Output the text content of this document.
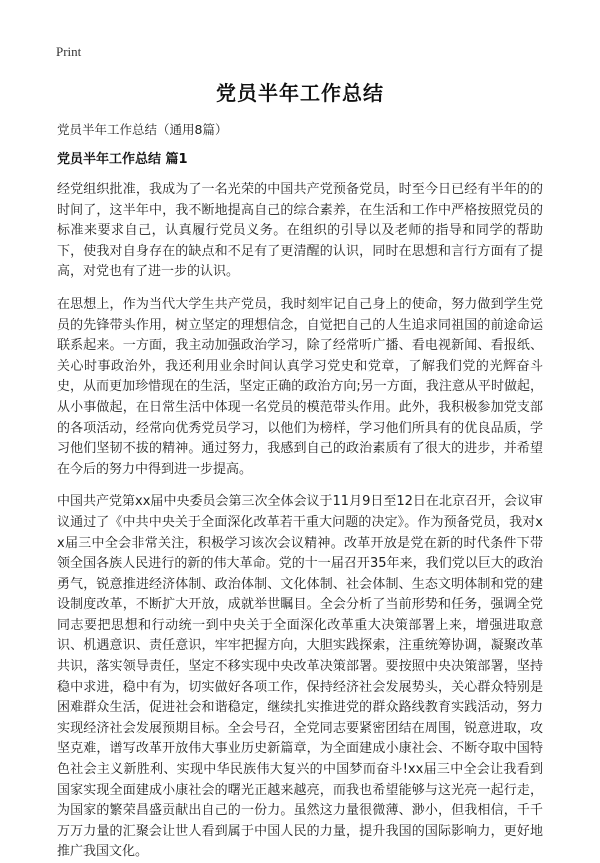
Print
党员半年工作总结
党员半年工作总结（通用8篇）
党员半年工作总结 篇1

经党组织批准，我成为了一名光荣的中国共产党预备党员，时至今日已经有半年的的时间了，这半年中，我不断地提高自己的综合素养，在生活和工作中严格按照党员的标准来要求自己，认真履行党员义务。在组织的引导以及老师的指导和同学的帮助下，使我对自身存在的缺点和不足有了更清醒的认识，同时在思想和言行方面有了提高，对党也有了进一步的认识。

在思想上，作为当代大学生共产党员，我时刻牢记自己身上的使命，努力做到学生党员的先锋带头作用，树立坚定的理想信念，自觉把自己的人生追求同祖国的前途命运联系起来。一方面，我主动加强政治学习，除了经常听广播、看电视新闻、看报纸、关心时事政治外，我还利用业余时间认真学习党史和党章，了解我们党的光辉奋斗史，从而更加珍惜现在的生活，坚定正确的政治方向;另一方面，我注意从平时做起，从小事做起，在日常生活中体现一名党员的模范带头作用。此外，我积极参加党支部的各项活动，经常向优秀党员学习，以他们为榜样，学习他们所具有的优良品质，学习他们坚韧不拔的精神。通过努力，我感到自己的政治素质有了很大的进步，并希望在今后的努力中得到进一步提高。

中国共产党第xx届中央委员会第三次全体会议于11月9日至12日在北京召开，会议审议通过了《中共中央关于全面深化改革若干重大问题的决定》。作为预备党员，我对xx届三中全会非常关注，积极学习该次会议精神。改革开放是党在新的时代条件下带领全国各族人民进行的新的伟大革命。党的十一届召开35年来，我们党以巨大的政治勇气，锐意推进经济体制、政治体制、文化体制、社会体制、生态文明体制和党的建设制度改革，不断扩大开放，成就举世瞩目。全会分析了当前形势和任务，强调全党同志要把思想和行动统一到中央关于全面深化改革重大决策部署上来，增强进取意识、机遇意识、责任意识，牢牢把握方向，大胆实践探索，注重统筹协调，凝聚改革共识，落实领导责任，坚定不移实现中央改革决策部署。要按照中央决策部署，坚持稳中求进，稳中有为，切实做好各项工作，保持经济社会发展势头，关心群众特别是困难群众生活，促进社会和谐稳定，继续扎实推进党的群众路线教育实践活动，努力实现经济社会发展预期目标。全会号召，全党同志要紧密团结在周围，锐意进取，攻坚克难，谱写改革开放伟大事业历史新篇章，为全面建成小康社会、不断夺取中国特色社会主义新胜利、实现中华民族伟大复兴的中国梦而奋斗!xx届三中全会让我看到国家实现全面建成小康社会的曙光正越来越亮，而我也希望能够与这光亮一起行走，为国家的繁荣昌盛贡献出自己的一份力。虽然这力量很微薄、渺小，但我相信，千千万万力量的汇聚会让世人看到属于中国人民的力量，提升我国的国际影响力，更好地推广我国文化。
